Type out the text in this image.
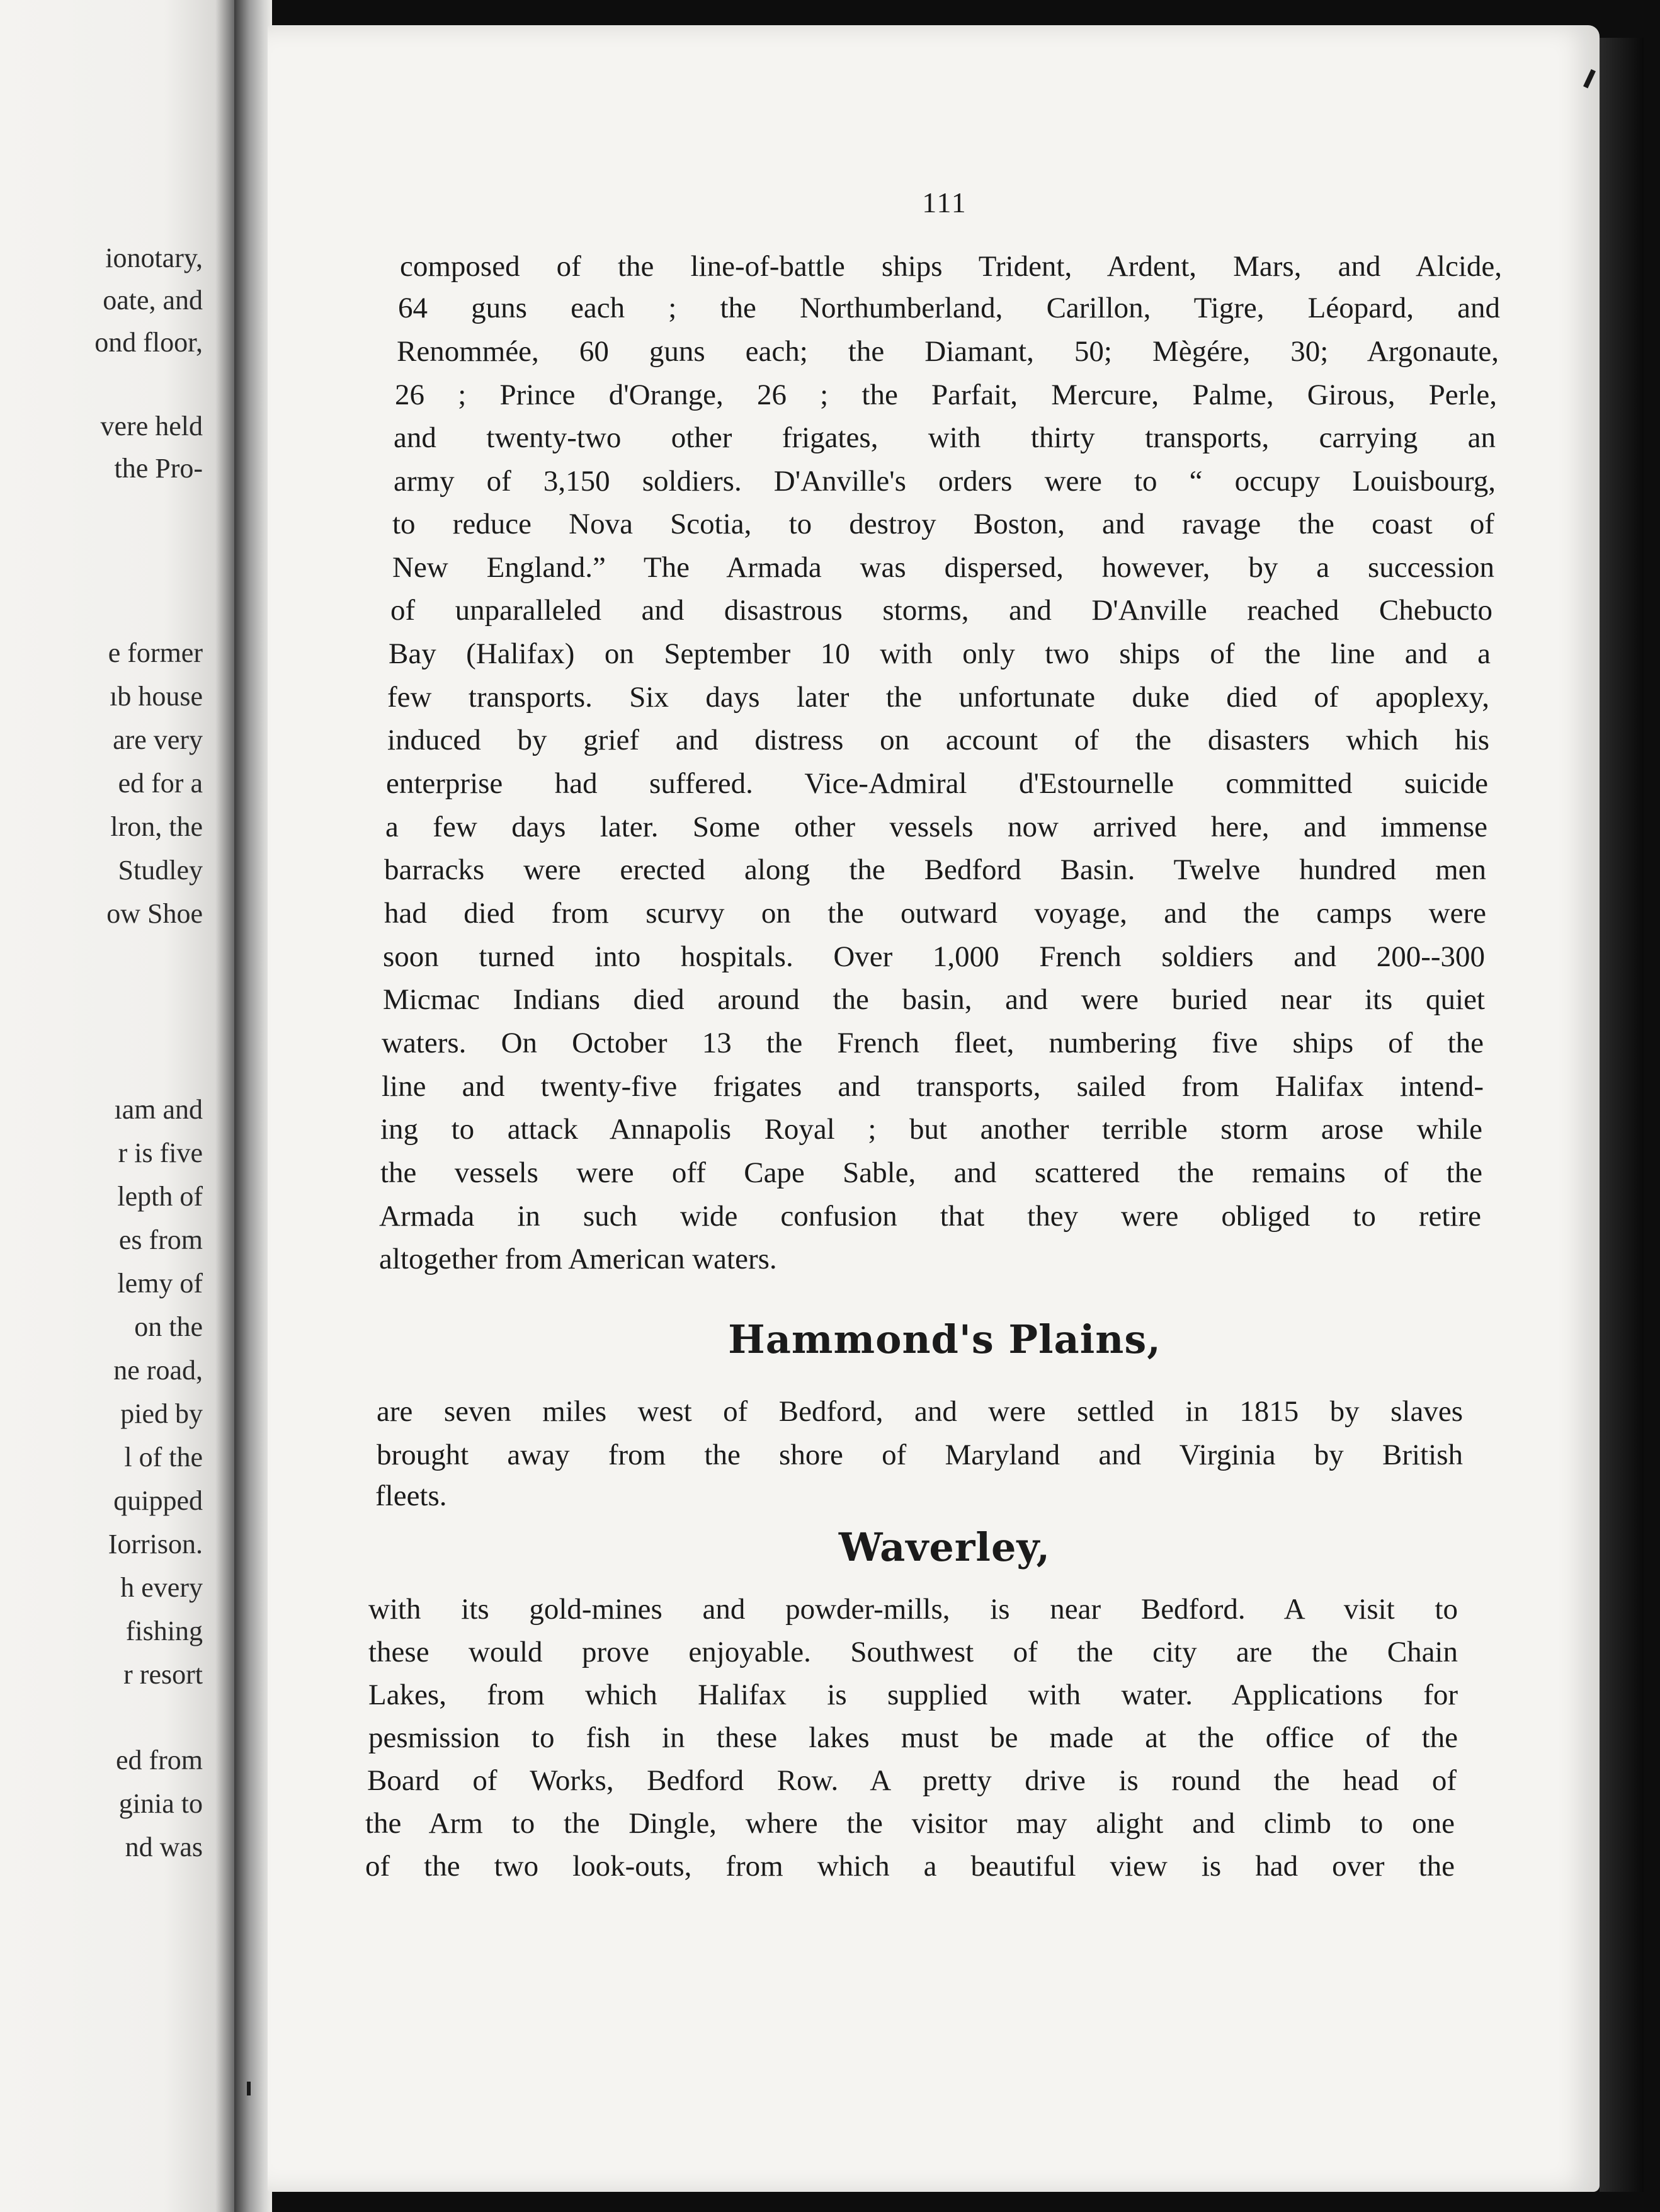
ionotary,
oate, and
ond floor,
vere held
the Pro-
e former
ıb house
are very
ed for a
lron, the
Studley
ow Shoe
ıam and
r is five
lepth of
es from
lemy of
on the
ne road,
pied by
l of the
quipped
Iorrison.
h every
fishing
r resort
ed from
ginia to
nd was
111
composed of the line-of-battle ships Trident, Ardent, Mars, and Alcide,
64 guns each ; the Northumberland, Carillon, Tigre, Léopard, and
Renommée, 60 guns each; the Diamant, 50; Mègére, 30; Argonaute,
26 ; Prince d'Orange, 26 ; the Parfait, Mercure, Palme, Girous, Perle,
and twenty-two other frigates, with thirty transports, carrying an
army of 3,150 soldiers. D'Anville's orders were to “ occupy Louisbourg,
to reduce Nova Scotia, to destroy Boston, and ravage the coast of
New England.” The Armada was dispersed, however, by a succession
of unparalleled and disastrous storms, and D'Anville reached Chebucto
Bay (Halifax) on September 10 with only two ships of the line and a
few transports. Six days later the unfortunate duke died of apoplexy,
induced by grief and distress on account of the disasters which his
enterprise had suffered. Vice-Admiral d'Estournelle committed suicide
a few days later. Some other vessels now arrived here, and immense
barracks were erected along the Bedford Basin. Twelve hundred men
had died from scurvy on the outward voyage, and the camps were
soon turned into hospitals. Over 1,000 French soldiers and 200--300
Micmac Indians died around the basin, and were buried near its quiet
waters. On October 13 the French fleet, numbering five ships of the
line and twenty-five frigates and transports, sailed from Halifax intend-
ing to attack Annapolis Royal ; but another terrible storm arose while
the vessels were off Cape Sable, and scattered the remains of the
Armada in such wide confusion that they were obliged to retire
altogether from American waters.
Hammond's Plains,
are seven miles west of Bedford, and were settled in 1815 by slaves
brought away from the shore of Maryland and Virginia by British
fleets.
Waverley,
with its gold-mines and powder-mills, is near Bedford. A visit to
these would prove enjoyable. Southwest of the city are the Chain
Lakes, from which Halifax is supplied with water. Applications for
pesmission to fish in these lakes must be made at the office of the
Board of Works, Bedford Row. A pretty drive is round the head of
the Arm to the Dingle, where the visitor may alight and climb to one
of the two look-outs, from which a beautiful view is had over the
